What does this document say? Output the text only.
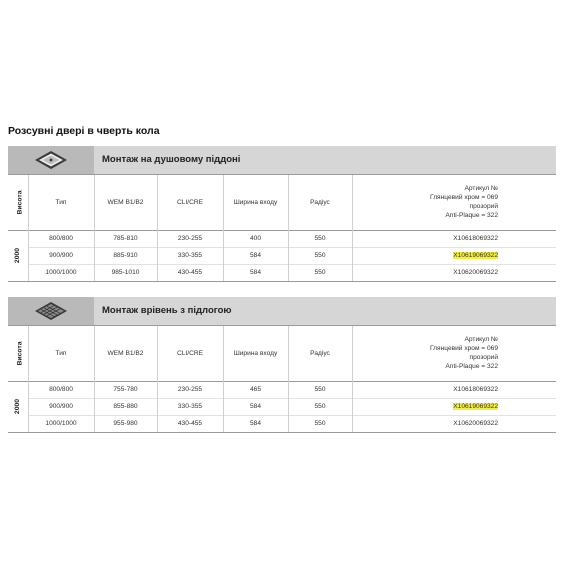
Розсувні двері в чверть кола
	Монтаж на душовому піддоні				
Висота	Тип	WEM B1/B2	CLI/CRE	Ширина входу	Радіус	Артикул №
Глянцевий хром = 069
прозорий
Anti-Plaque = 322

2000	800/800	785-810	230-255	400	550	X10618069322
	900/900	885-910	330-355	584	550	X10619069322
	1000/1000	985-1010	430-455	584	550	X10620069322
	Монтаж врівень з підлогою				
Висота	Тип	WEM B1/B2	CLI/CRE	Ширина входу	Радіус	Артикул №
Глянцевий хром = 069
прозорий
Anti-Plaque = 322

2000	800/800	755-780	230-255	465	550	X10618069322
	900/900	855-880	330-355	584	550	X10619069322
	1000/1000	955-980	430-455	584	550	X10620069322
